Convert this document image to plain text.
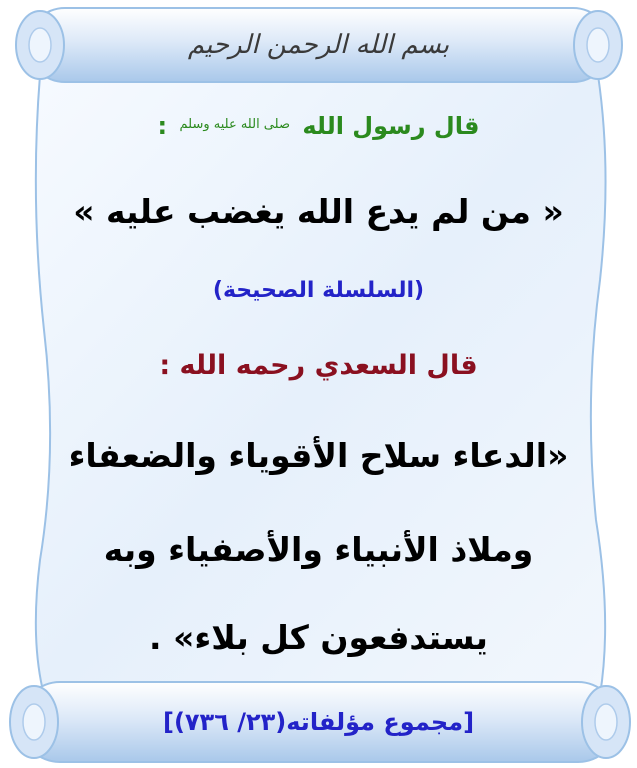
بسم الله الرحمن الرحيم
قال رسول الله $^{صلى الله عليه وسلم}$ :
« من لم يدع الله يغضب عليه »
(السلسلة الصحيحة)
قال السعدي رحمه الله :
«الدعاء سلاح الأقوياء والضعفاء
وملاذ الأنبياء والأصفياء وبه
يستدفعون كل بلاء» .
[مجموع مؤلفاته(٢٣/ ٧٣٦)]
